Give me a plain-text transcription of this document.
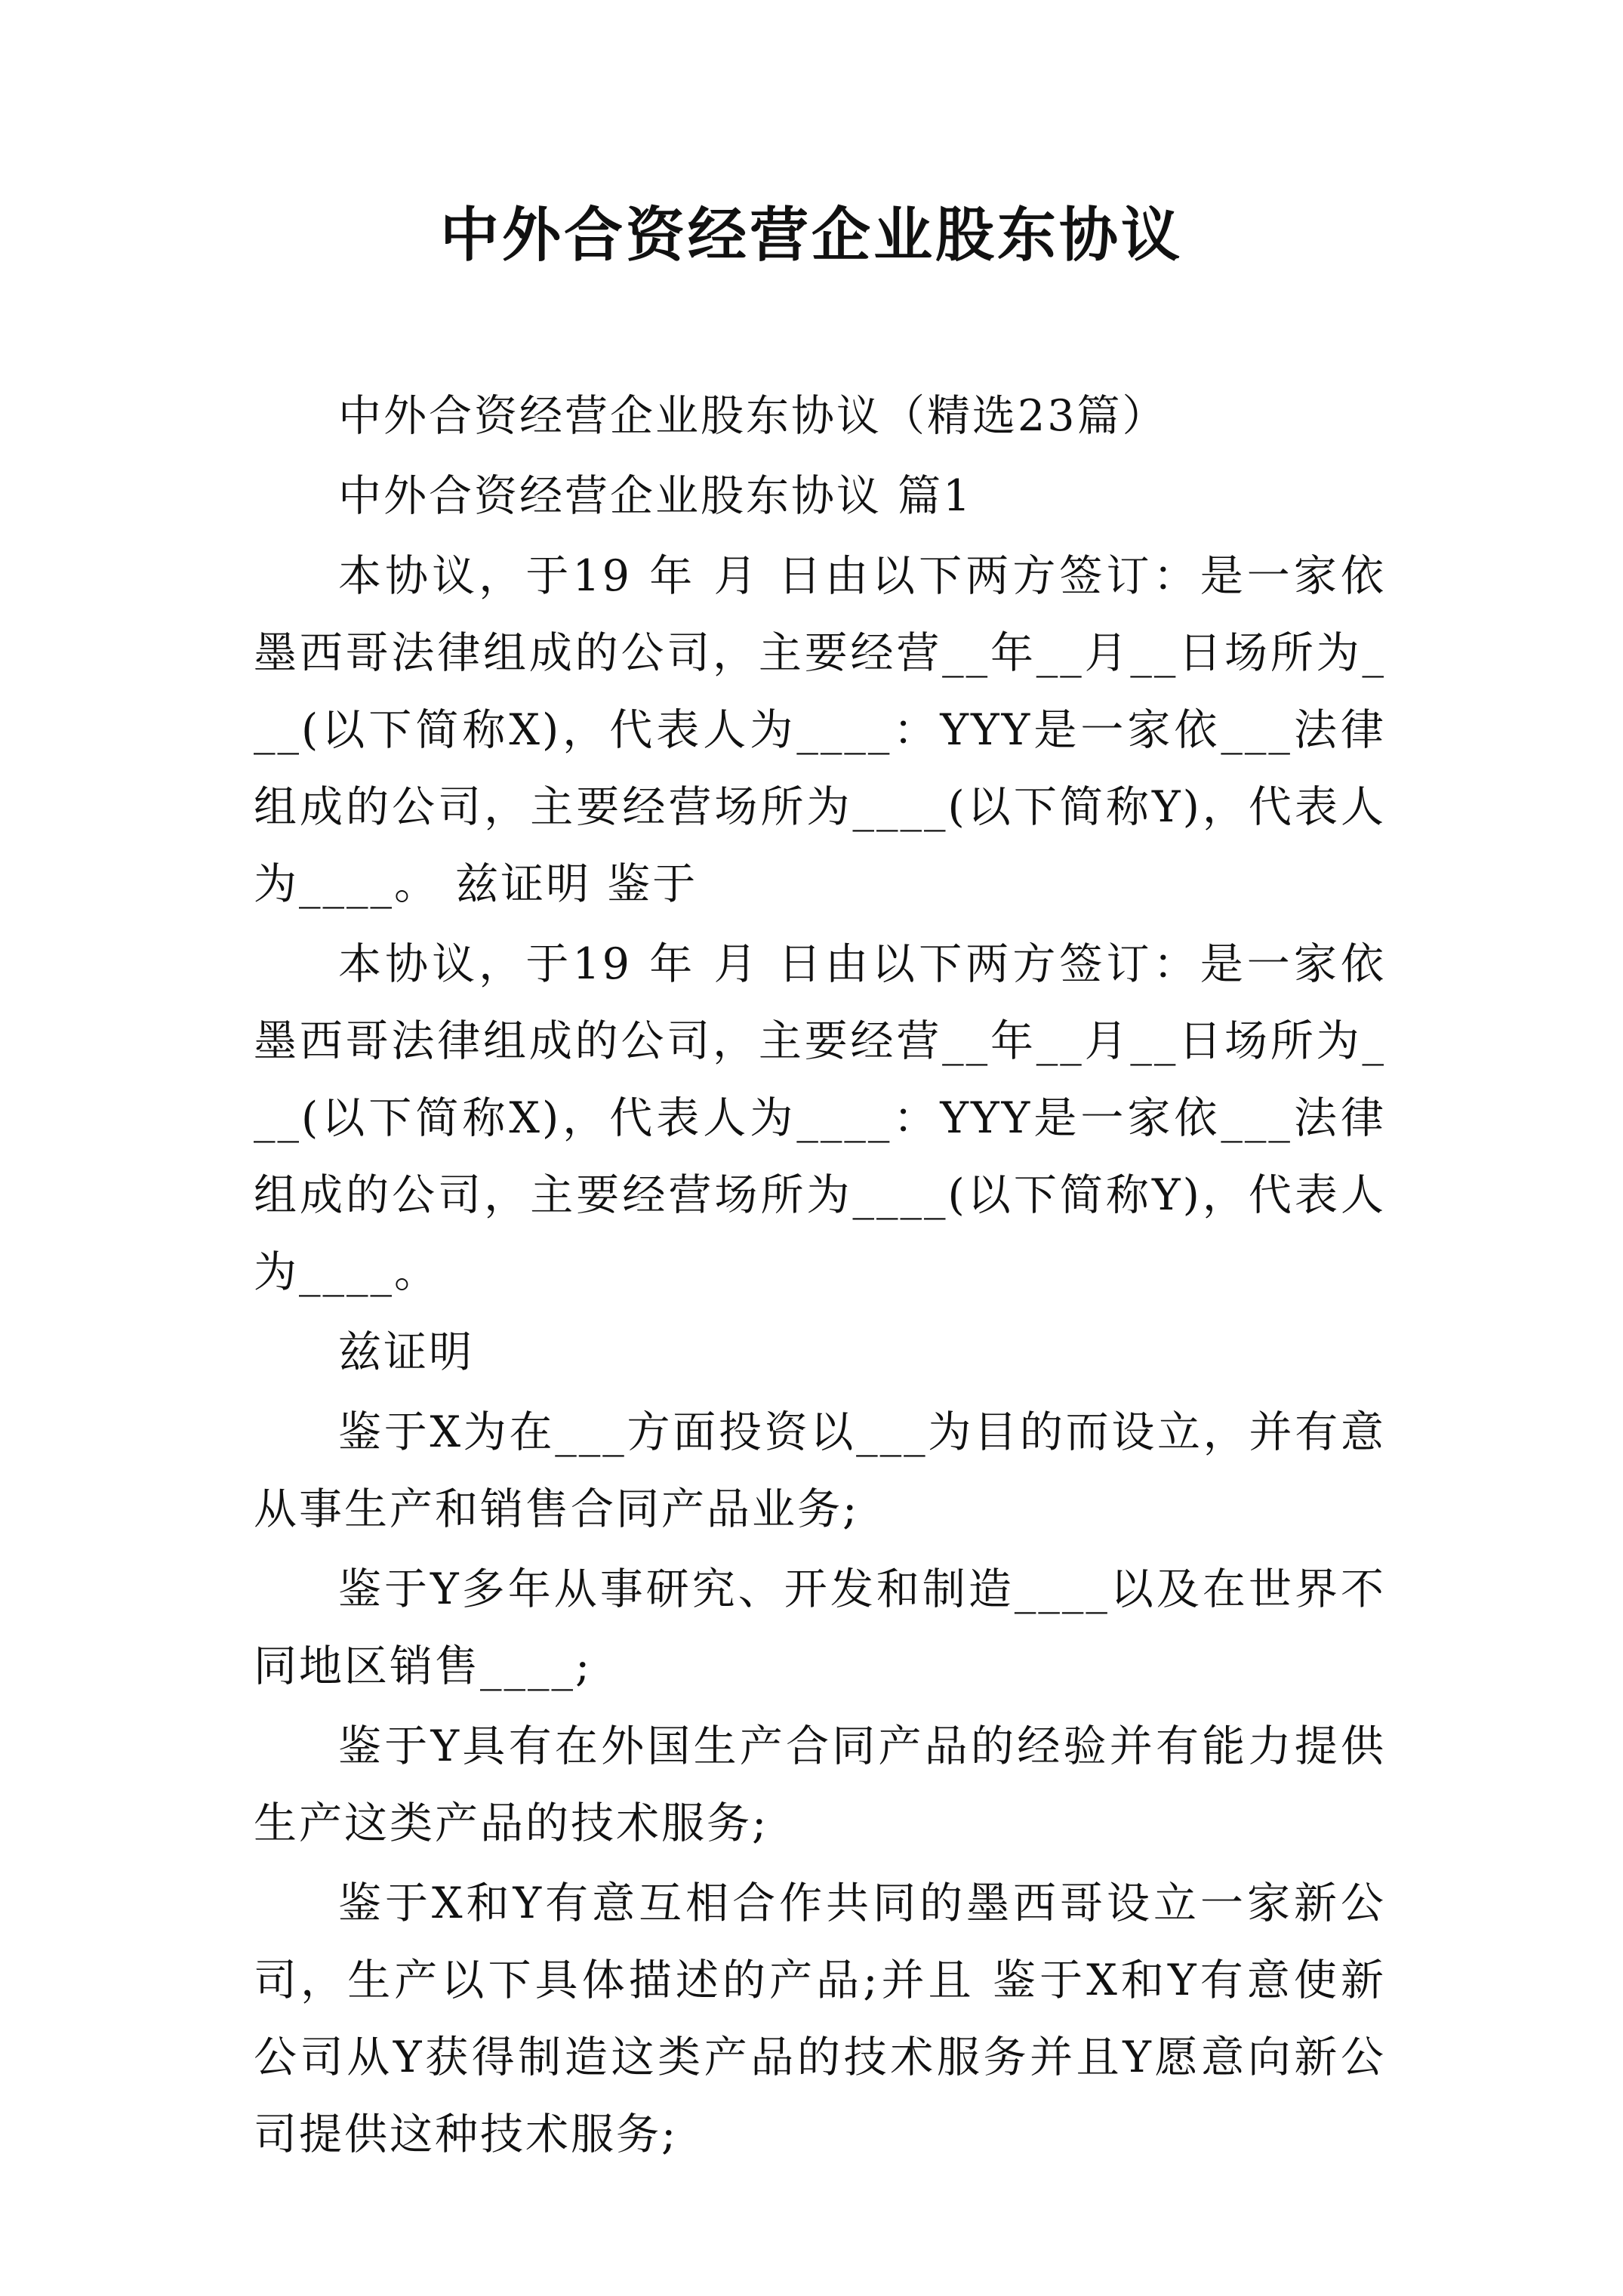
中外合资经营企业股东协议

中外合资经营企业股东协议（精选23篇）

中外合资经营企业股东协议 篇1

本协议，于19 年 月 日由以下两方签订：是一家依墨西哥法律组成的公司，主要经营__年__月__日场所为___(以下简称X)，代表人为____：YYY是一家依___法律组成的公司，主要经营场所为____(以下简称Y)，代表人为____。 兹证明 鉴于

本协议，于19 年 月 日由以下两方签订：是一家依墨西哥法律组成的公司，主要经营__年__月__日场所为___(以下简称X)，代表人为____：YYY是一家依___法律组成的公司，主要经营场所为____(以下简称Y)，代表人为____。

兹证明

鉴于X为在___方面投资以___为目的而设立，并有意从事生产和销售合同产品业务;

鉴于Y多年从事研究、开发和制造____以及在世界不同地区销售____;

鉴于Y具有在外国生产合同产品的经验并有能力提供生产这类产品的技术服务;

鉴于X和Y有意互相合作共同的墨西哥设立一家新公司，生产以下具体描述的产品;并且 鉴于X和Y有意使新公司从Y获得制造这类产品的技术服务并且Y愿意向新公司提供这种技术服务;
